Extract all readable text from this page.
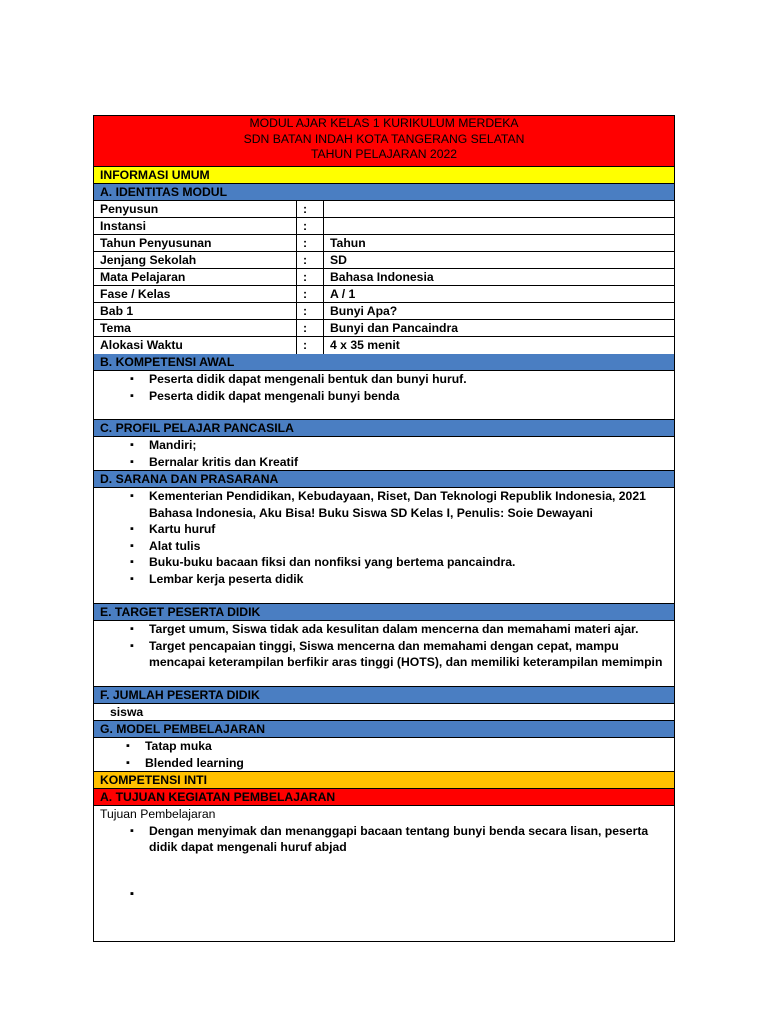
MODUL AJAR KELAS 1 KURIKULUM MERDEKA
SDN BATAN INDAH KOTA TANGERANG SELATAN
TAHUN PELAJARAN 2022
INFORMASI UMUM
A. IDENTITAS MODUL
Penyusun	:
Instansi	:
Tahun Penyusunan	:	Tahun
Jenjang Sekolah	:	SD
Mata Pelajaran	:	Bahasa Indonesia
Fase / Kelas	:	A / 1
Bab 1	:	Bunyi Apa?
Tema	:	Bunyi dan Pancaindra
Alokasi Waktu	:	4 x 35 menit
B. KOMPETENSI AWAL
▪ Peserta didik dapat mengenali bentuk dan bunyi huruf.
▪ Peserta didik dapat mengenali bunyi benda
C. PROFIL PELAJAR PANCASILA
▪ Mandiri;
▪ Bernalar kritis dan Kreatif
D. SARANA DAN PRASARANA
▪ Kementerian Pendidikan, Kebudayaan, Riset, Dan Teknologi Republik Indonesia, 2021 Bahasa Indonesia, Aku Bisa! Buku Siswa SD Kelas I, Penulis: Soie Dewayani
▪ Kartu huruf
▪ Alat tulis
▪ Buku-buku bacaan fiksi dan nonfiksi yang bertema pancaindra.
▪ Lembar kerja peserta didik
E. TARGET PESERTA DIDIK
▪ Target umum, Siswa tidak ada kesulitan dalam mencerna dan memahami materi ajar.
▪ Target pencapaian tinggi, Siswa mencerna dan memahami dengan cepat, mampu mencapai keterampilan berfikir aras tinggi (HOTS), dan memiliki keterampilan memimpin
F. JUMLAH PESERTA DIDIK
siswa
G. MODEL PEMBELAJARAN
▪ Tatap muka
▪ Blended learning
KOMPETENSI INTI
A. TUJUAN KEGIATAN PEMBELAJARAN
Tujuan Pembelajaran
▪ Dengan menyimak dan menanggapi bacaan tentang bunyi benda secara lisan, peserta didik dapat mengenali huruf abjad
